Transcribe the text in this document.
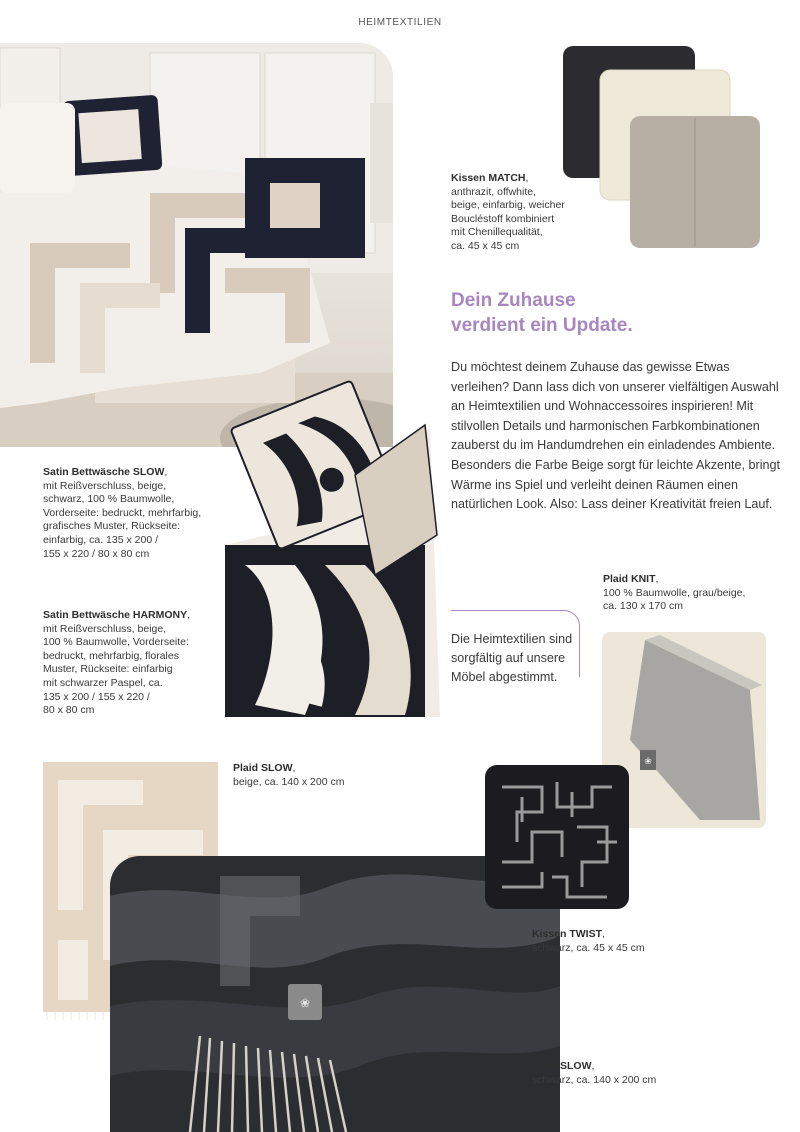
HEIMTEXTILIEN
Kissen MATCH,
anthrazit, offwhite,
beige, einfarbig, weicher
Boucléstoff kombiniert
mit Chenillequalität,
ca. 45 x 45 cm
Dein Zuhause
verdient ein Update.
Du möchtest deinem Zuhause das gewisse Etwas verleihen? Dann lass dich von unserer vielfältigen Auswahl an Heimtextilien und Wohnaccessoires inspirieren! Mit stilvollen Details und harmonischen Farbkombinationen zauberst du im Handumdrehen ein einladendes Ambiente. Besonders die Farbe Beige sorgt für leichte Akzente, bringt Wärme ins Spiel und verleiht deinen Räumen einen natürlichen Look. Also: Lass deiner Kreativität freien Lauf.
Satin Bettwäsche SLOW,
mit Reißverschluss, beige,
schwarz, 100 % Baumwolle,
Vorderseite: bedruckt, mehrfarbig,
grafisches Muster, Rückseite:
einfarbig, ca. 135 x 200 /
155 x 220 / 80 x 80 cm
Satin Bettwäsche HARMONY,
mit Reißverschluss, beige,
100 % Baumwolle, Vorderseite:
bedruckt, mehrfarbig, florales
Muster, Rückseite: einfarbig
mit schwarzer Paspel, ca.
135 x 200 / 155 x 220 /
80 x 80 cm
Plaid KNIT,
100 % Baumwolle, grau/beige,
ca. 130 x 170 cm
Die Heimtextilien sind sorgfältig auf unsere Möbel abgestimmt.
❀
Plaid SLOW,
beige, ca. 140 x 200 cm
❀
Kissen TWIST,
schwarz, ca. 45 x 45 cm
Plaid SLOW,
schwarz, ca. 140 x 200 cm
